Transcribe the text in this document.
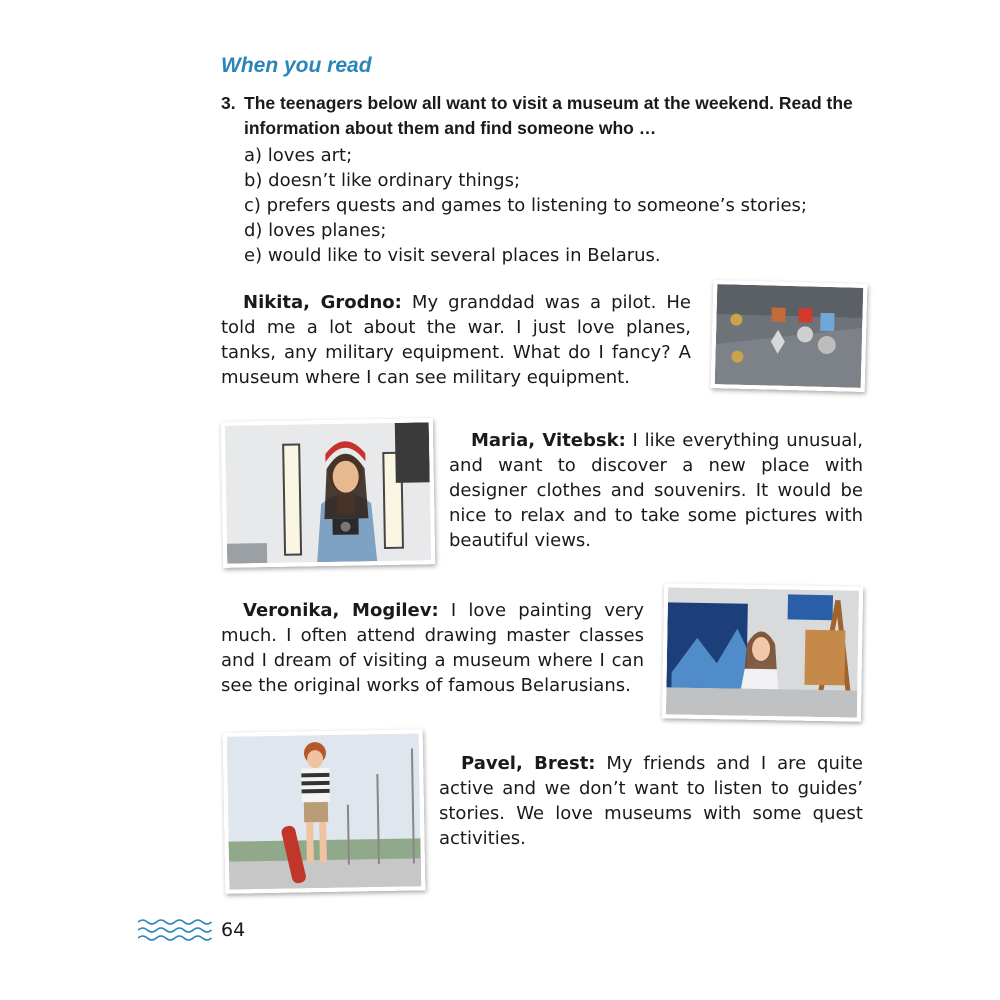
When you read
3. The teenagers below all want to visit a museum at the weekend. Read the information about them and find someone who …
a) loves art;
b) doesn’t like ordinary things;
c) prefers quests and games to listening to someone’s stories;
d) loves planes;
e) would like to visit several places in Belarus.

Nikita, Grodno: My granddad was a pilot. He told me a lot about the war. I just love planes, tanks, any military equipment. What do I fancy? A museum where I can see military equipment.

Maria, Vitebsk: I like everything unusual, and want to discover a new place with designer clothes and souvenirs. It would be nice to relax and to take some pictures with beautiful views.

Veronika, Mogilev: I love painting very much. I often attend drawing master classes and I dream of visiting a museum where I can see the original works of famous Belarusians.

Pavel, Brest: My friends and I are quite active and we don’t want to listen to guides’ stories. We love museums with some quest activities.

64
